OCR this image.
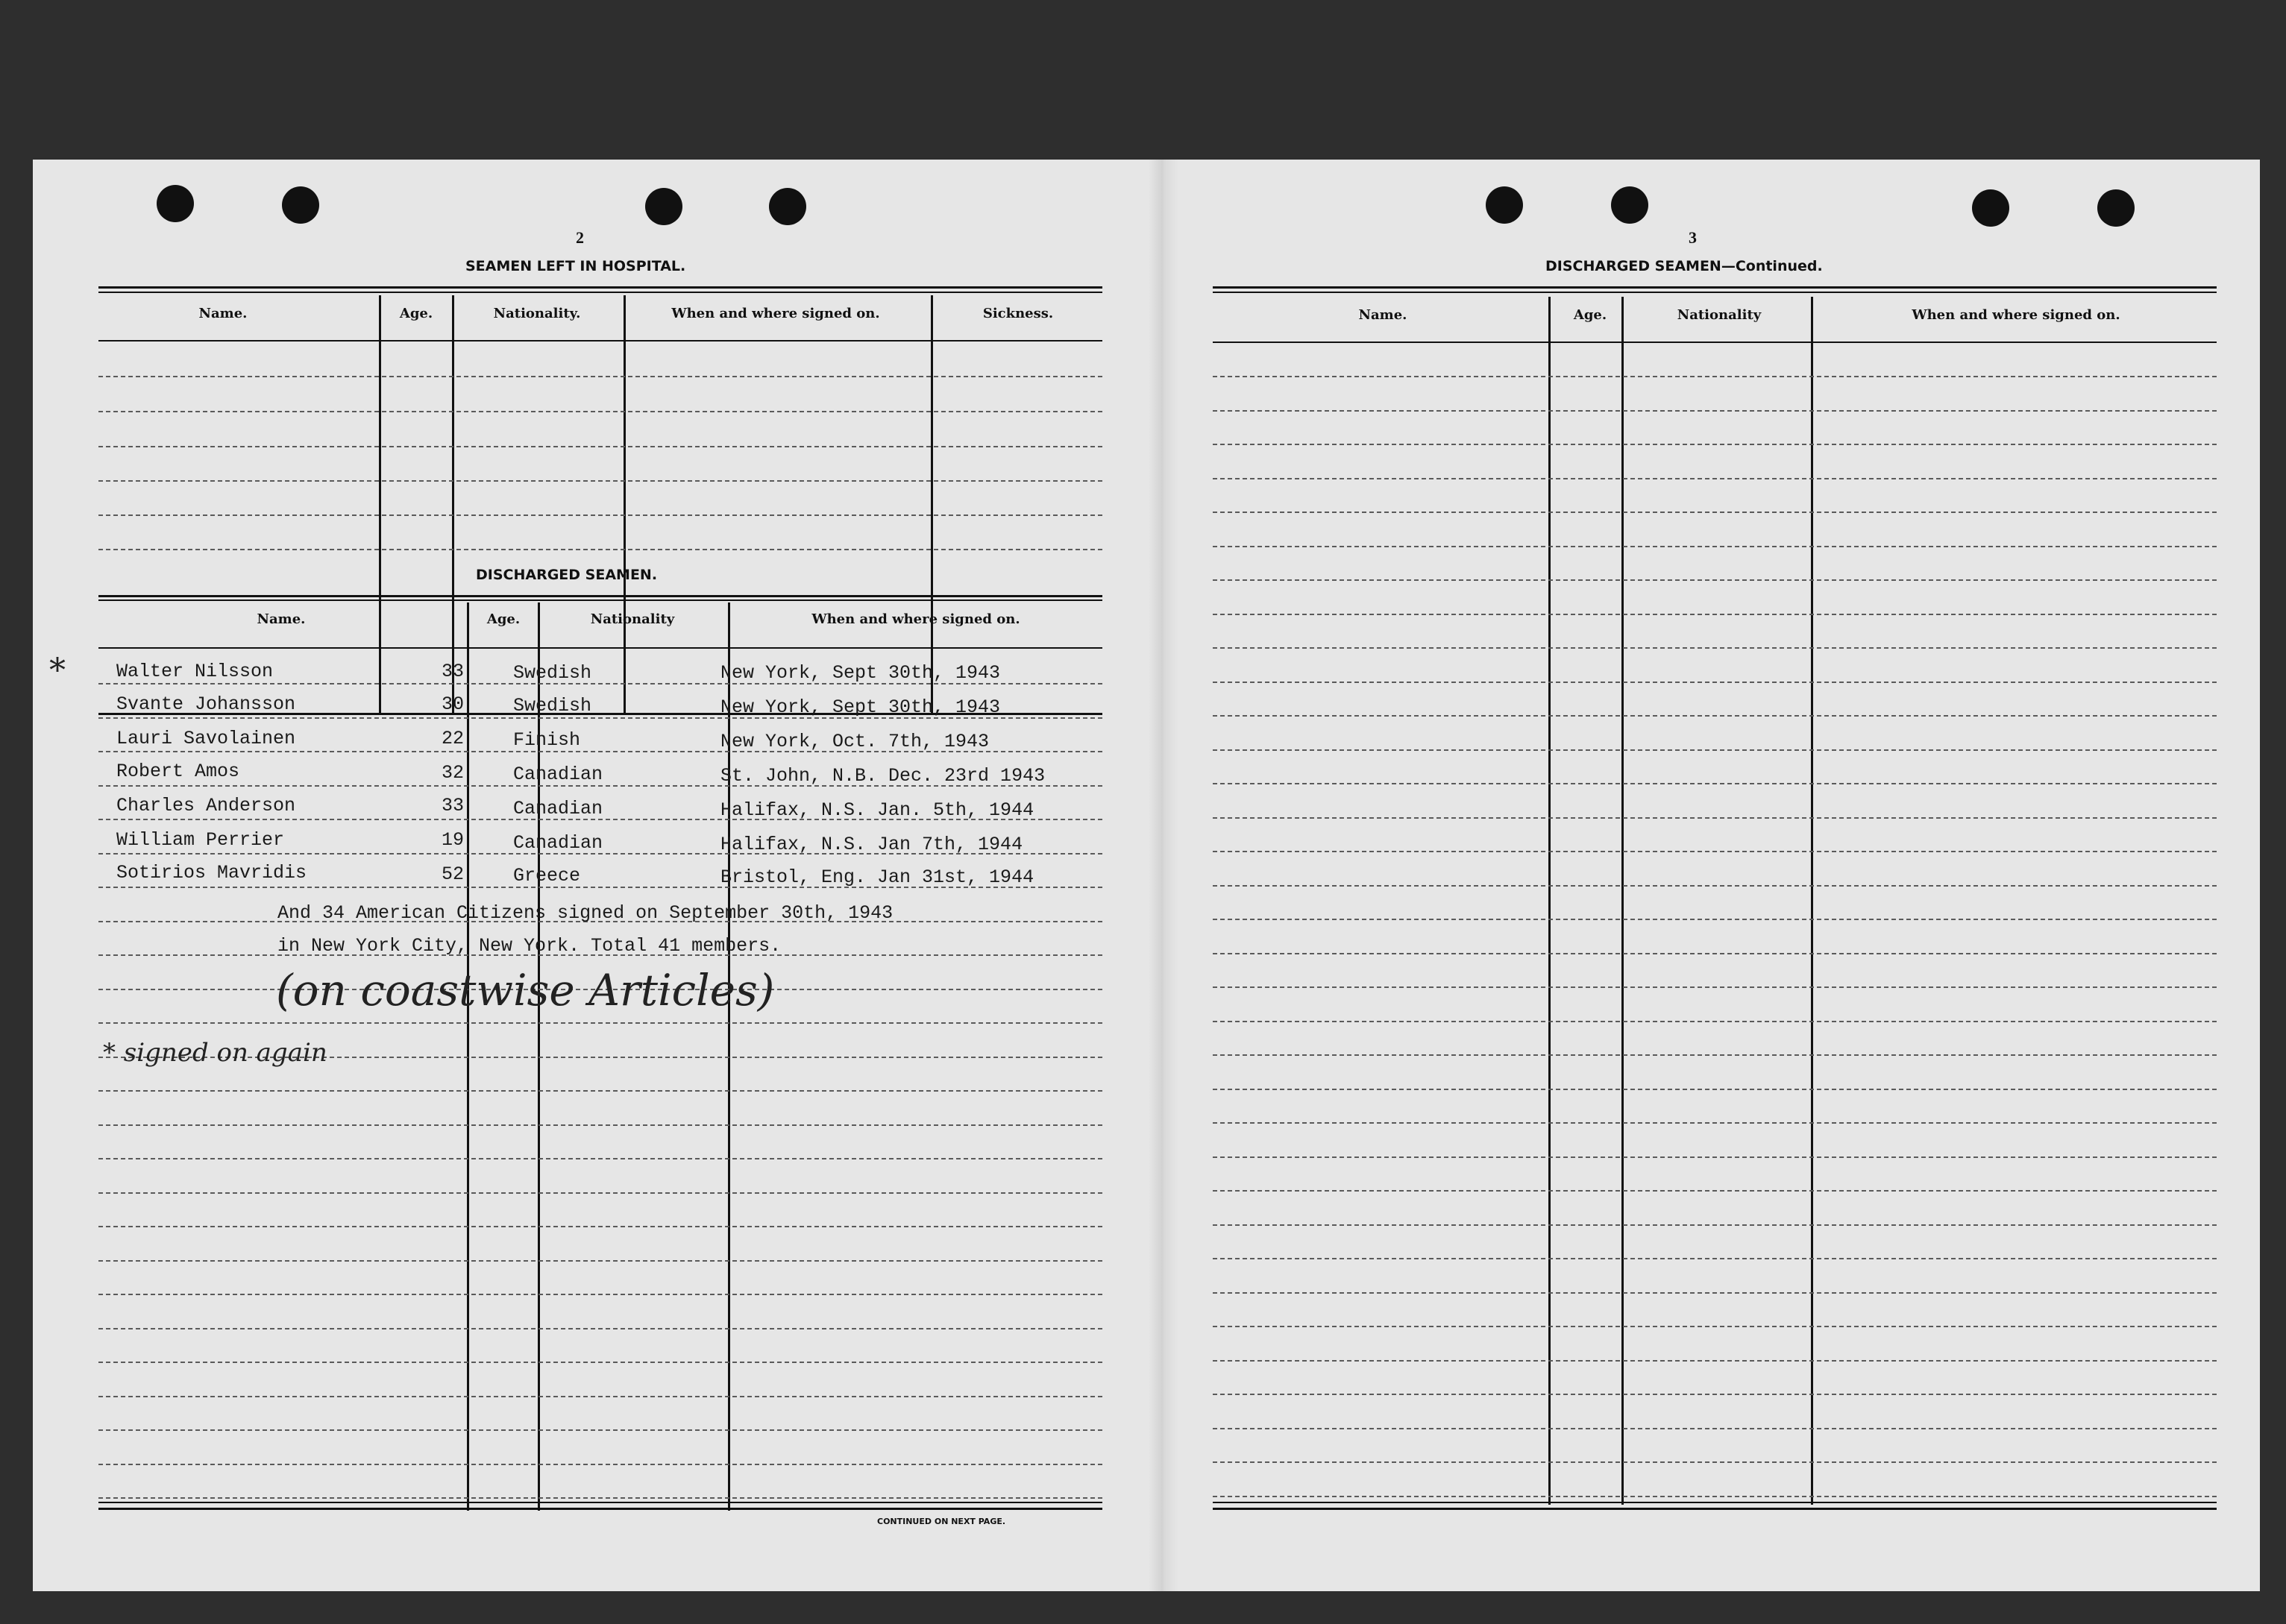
2
SEAMEN LEFT IN HOSPITAL.
Name.	Age.	Nationality.	When and where signed on.	Sickness.
DISCHARGED SEAMEN.
Name.	Age.	Nationality	When and where signed on.
Walter Nilsson	33	Swedish	New York, Sept 30th, 1943
Svante Johansson	30	Swedish	New York, Sept 30th, 1943
Lauri Savolainen	22	Finish	New York, Oct. 7th, 1943
Robert Amos	32	Canadian	St. John, N.B. Dec. 23rd 1943
Charles Anderson	33	Canadian	Halifax, N.S. Jan. 5th, 1944
William Perrier	19	Canadian	Halifax, N.S. Jan 7th, 1944
Sotirios Mavridis	52	Greece	Bristol, Eng. Jan 31st, 1944
And 34 American Citizens signed on September 30th, 1943
in New York City, New York. Total 41 members.
*
(on coastwise Articles)
* signed on again
CONTINUED ON NEXT PAGE.
3
DISCHARGED SEAMEN—Continued.
Name.	Age.	Nationality	When and where signed on.
